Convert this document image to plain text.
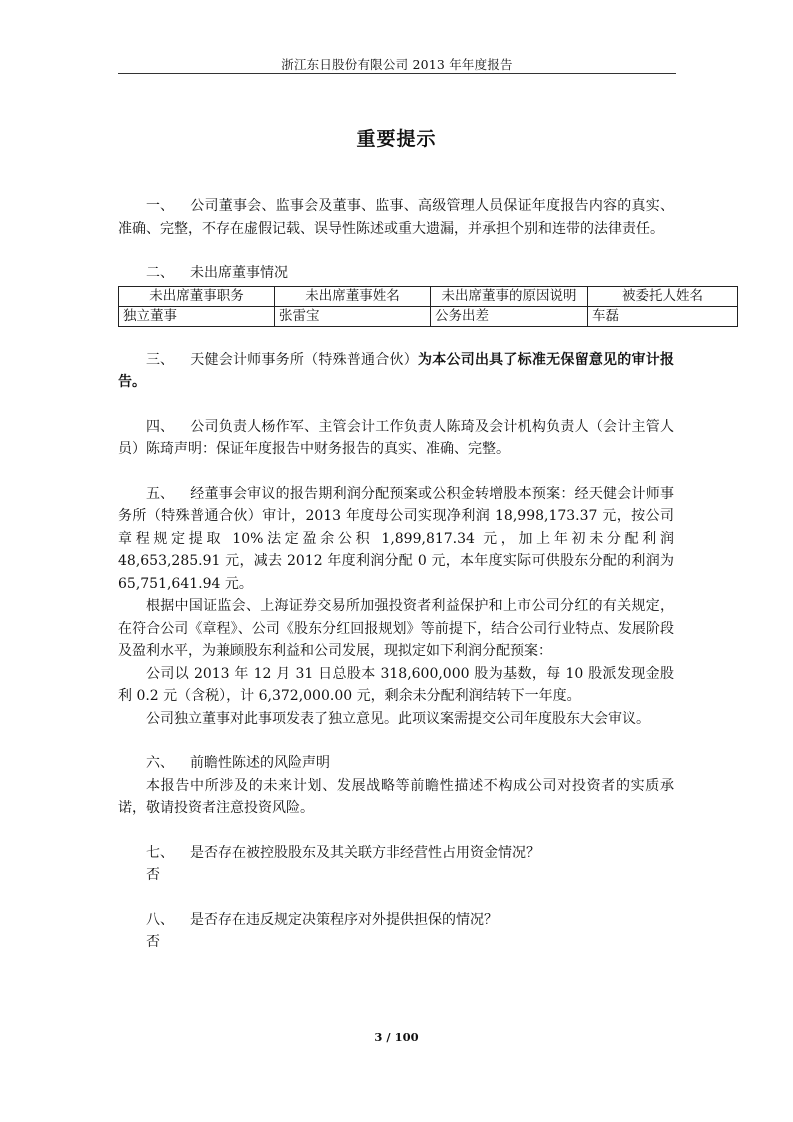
浙江东日股份有限公司 2013 年年度报告
重要提示

一、 公司董事会、监事会及董事、监事、高级管理人员保证年度报告内容的真实、准确、完整，不存在虚假记载、误导性陈述或重大遗漏，并承担个别和连带的法律责任。

二、 未出席董事情况

未出席董事职务	未出席董事姓名	未出席董事的原因说明	被委托人姓名
独立董事	张雷宝	公务出差	车磊

三、 天健会计师事务所（特殊普通合伙）为本公司出具了标准无保留意见的审计报告。

四、 公司负责人杨作军、主管会计工作负责人陈琦及会计机构负责人（会计主管人员）陈琦声明：保证年度报告中财务报告的真实、准确、完整。

五、 经董事会审议的报告期利润分配预案或公积金转增股本预案：经天健会计师事务所（特殊普通合伙）审计，2013 年度母公司实现净利润 18,998,173.37 元，按公司章程规定提取 10%法定盈余公积 1,899,817.34 元，加上年初未分配利润 48,653,285.91 元，减去 2012 年度利润分配 0 元，本年度实际可供股东分配的利润为 65,751,641.94 元。

根据中国证监会、上海证券交易所加强投资者利益保护和上市公司分红的有关规定，在符合公司《章程》、公司《股东分红回报规划》等前提下，结合公司行业特点、发展阶段及盈利水平，为兼顾股东利益和公司发展，现拟定如下利润分配预案：

公司以 2013 年 12 月 31 日总股本 318,600,000 股为基数，每 10 股派发现金股利 0.2 元（含税），计 6,372,000.00 元，剩余未分配利润结转下一年度。

公司独立董事对此事项发表了独立意见。此项议案需提交公司年度股东大会审议。

六、 前瞻性陈述的风险声明

本报告中所涉及的未来计划、发展战略等前瞻性描述不构成公司对投资者的实质承诺，敬请投资者注意投资风险。

七、 是否存在被控股股东及其关联方非经营性占用资金情况？

否

八、 是否存在违反规定决策程序对外提供担保的情况？

否

3 / 100
